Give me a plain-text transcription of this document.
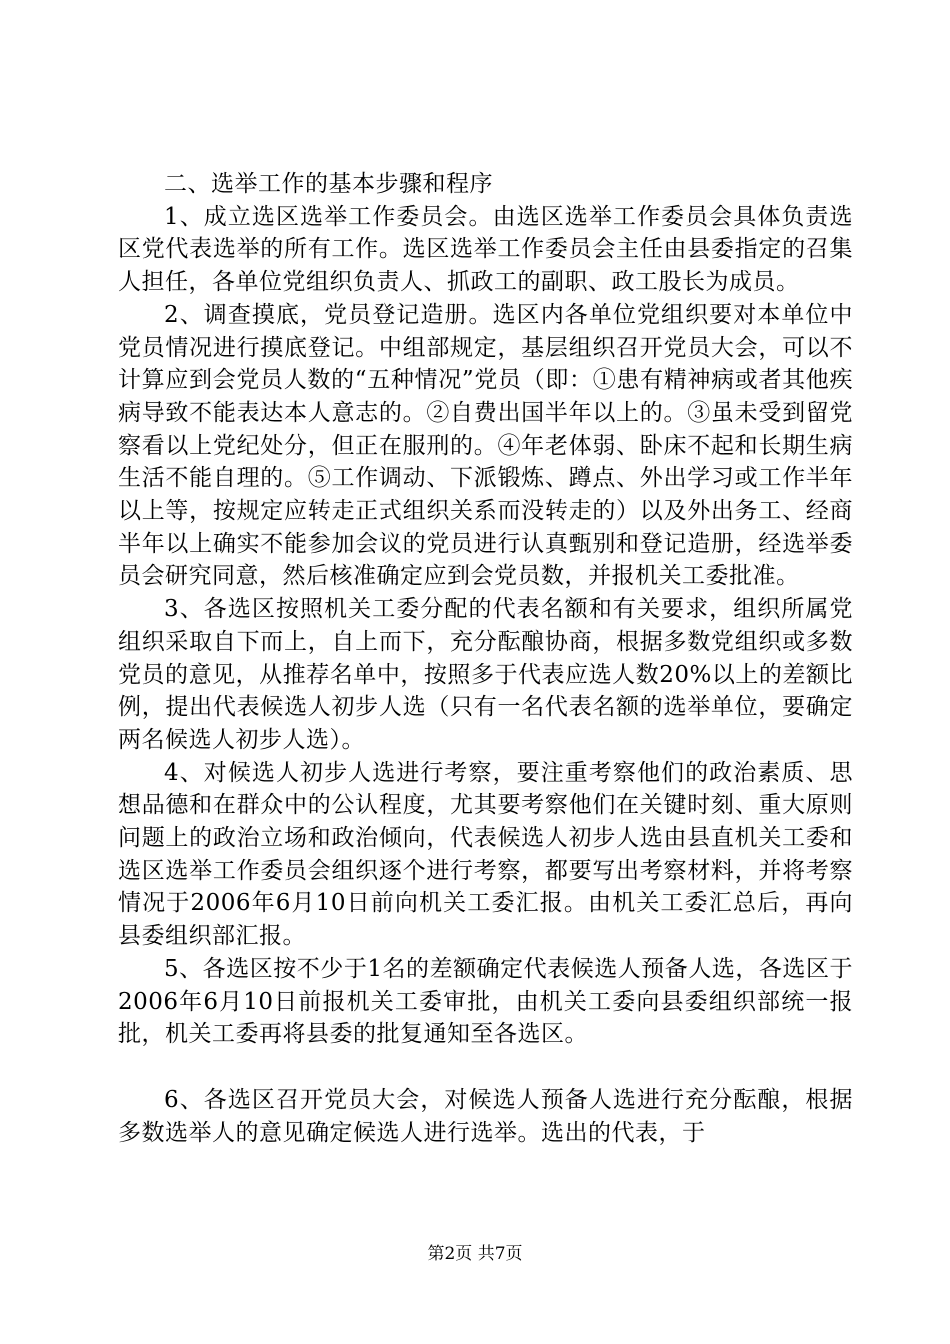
二、选举工作的基本步骤和程序

1、成立选区选举工作委员会。由选区选举工作委员会具体负责选区党代表选举的所有工作。选区选举工作委员会主任由县委指定的召集人担任，各单位党组织负责人、抓政工的副职、政工股长为成员。

2、调查摸底，党员登记造册。选区内各单位党组织要对本单位中党员情况进行摸底登记。中组部规定，基层组织召开党员大会，可以不计算应到会党员人数的“五种情况”党员（即：①患有精神病或者其他疾病导致不能表达本人意志的。②自费出国半年以上的。③虽未受到留党察看以上党纪处分，但正在服刑的。④年老体弱、卧床不起和长期生病生活不能自理的。⑤工作调动、下派锻炼、蹲点、外出学习或工作半年以上等，按规定应转走正式组织关系而没转走的）以及外出务工、经商半年以上确实不能参加会议的党员进行认真甄别和登记造册，经选举委员会研究同意，然后核准确定应到会党员数，并报机关工委批准。

3、各选区按照机关工委分配的代表名额和有关要求，组织所属党组织采取自下而上，自上而下，充分酝酿协商，根据多数党组织或多数党员的意见，从推荐名单中，按照多于代表应选人数20%以上的差额比例，提出代表候选人初步人选（只有一名代表名额的选举单位，要确定两名候选人初步人选）。

4、对候选人初步人选进行考察，要注重考察他们的政治素质、思想品德和在群众中的公认程度，尤其要考察他们在关键时刻、重大原则问题上的政治立场和政治倾向，代表候选人初步人选由县直机关工委和选区选举工作委员会组织逐个进行考察，都要写出考察材料，并将考察情况于2006年6月10日前向机关工委汇报。由机关工委汇总后，再向县委组织部汇报。

5、各选区按不少于1名的差额确定代表候选人预备人选，各选区于2006年6月10日前报机关工委审批，由机关工委向县委组织部统一报批，机关工委再将县委的批复通知至各选区。

6、各选区召开党员大会，对候选人预备人选进行充分酝酿，根据多数选举人的意见确定候选人进行选举。选出的代表，于

第2页 共7页
